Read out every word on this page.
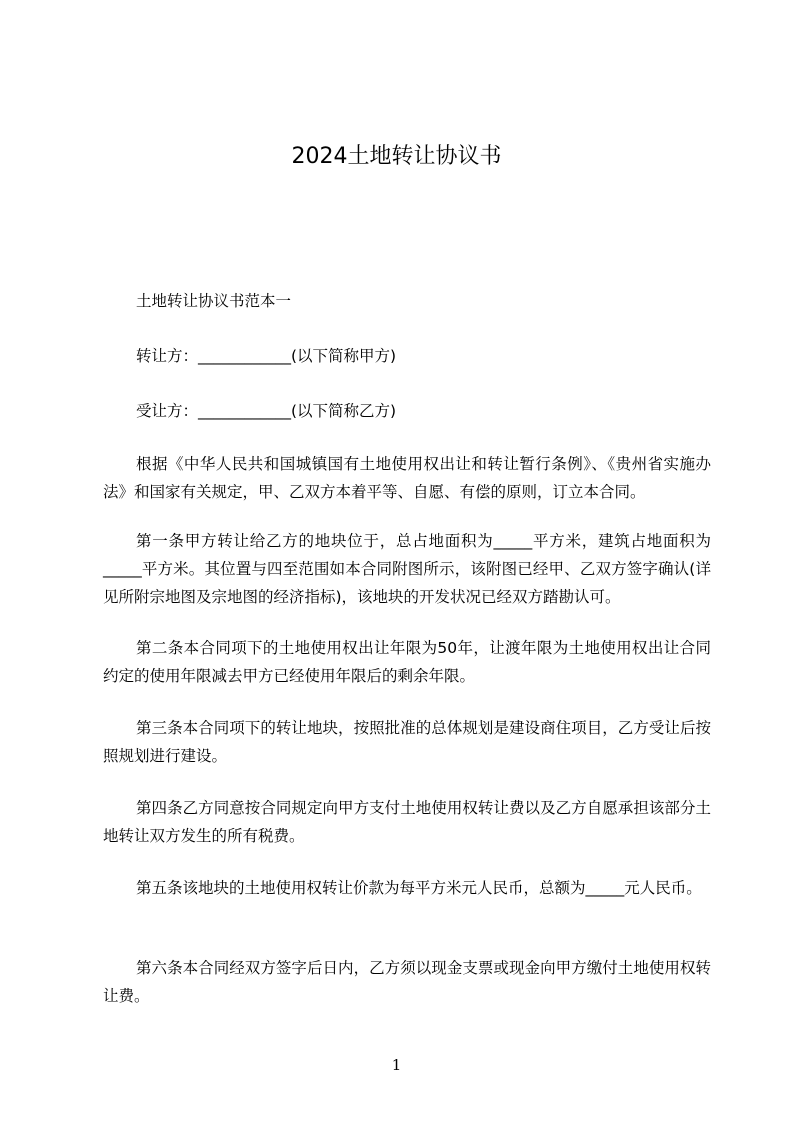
2024土地转让协议书

土地转让协议书范本一

转让方：____________(以下简称甲方)

受让方：____________(以下简称乙方)

根据《中华人民共和国城镇国有土地使用权出让和转让暂行条例》、《贵州省实施办法》和国家有关规定，甲、乙双方本着平等、自愿、有偿的原则，订立本合同。

第一条甲方转让给乙方的地块位于，总占地面积为_____平方米，建筑占地面积为_____平方米。其位置与四至范围如本合同附图所示，该附图已经甲、乙双方签字确认(详见所附宗地图及宗地图的经济指标)，该地块的开发状况已经双方踏勘认可。

第二条本合同项下的土地使用权出让年限为50年，让渡年限为土地使用权出让合同约定的使用年限减去甲方已经使用年限后的剩余年限。

第三条本合同项下的转让地块，按照批准的总体规划是建设商住项目，乙方受让后按照规划进行建设。

第四条乙方同意按合同规定向甲方支付土地使用权转让费以及乙方自愿承担该部分土地转让双方发生的所有税费。

第五条该地块的土地使用权转让价款为每平方米元人民币，总额为_____元人民币。

第六条本合同经双方签字后日内，乙方须以现金支票或现金向甲方缴付土地使用权转让费。

1
